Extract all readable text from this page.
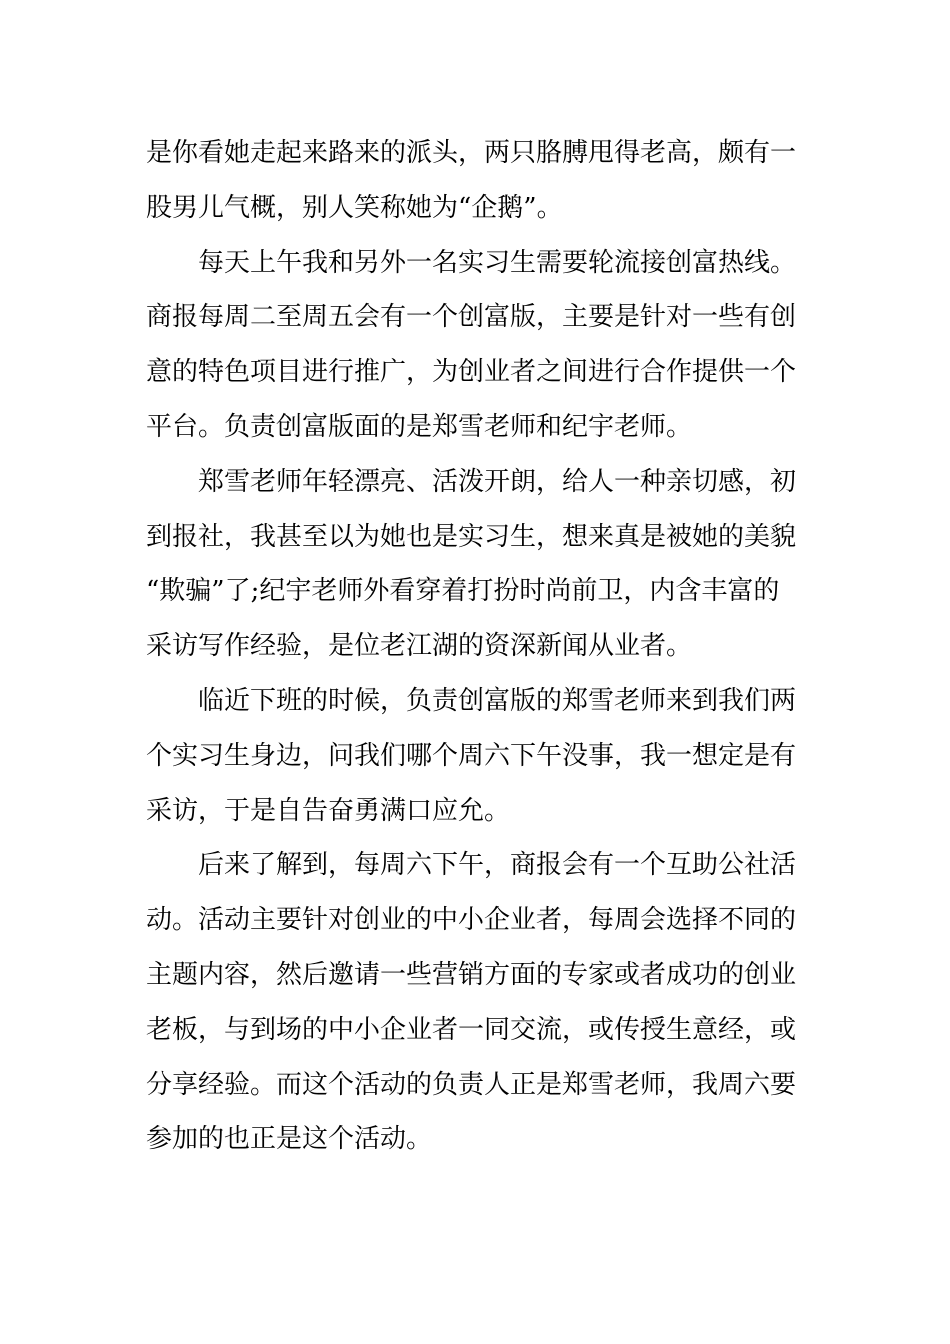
是你看她走起来路来的派头，两只胳膊甩得老高，颇有一
股男儿气概，别人笑称她为“企鹅”。
每天上午我和另外一名实习生需要轮流接创富热线。
商报每周二至周五会有一个创富版，主要是针对一些有创
意的特色项目进行推广，为创业者之间进行合作提供一个
平台。负责创富版面的是郑雪老师和纪宇老师。
郑雪老师年轻漂亮、活泼开朗，给人一种亲切感，初
到报社，我甚至以为她也是实习生，想来真是被她的美貌
“欺骗”了;纪宇老师外看穿着打扮时尚前卫，内含丰富的
采访写作经验，是位老江湖的资深新闻从业者。
临近下班的时候，负责创富版的郑雪老师来到我们两
个实习生身边，问我们哪个周六下午没事，我一想定是有
采访，于是自告奋勇满口应允。
后来了解到，每周六下午，商报会有一个互助公社活
动。活动主要针对创业的中小企业者，每周会选择不同的
主题内容，然后邀请一些营销方面的专家或者成功的创业
老板，与到场的中小企业者一同交流，或传授生意经，或
分享经验。而这个活动的负责人正是郑雪老师，我周六要
参加的也正是这个活动。
